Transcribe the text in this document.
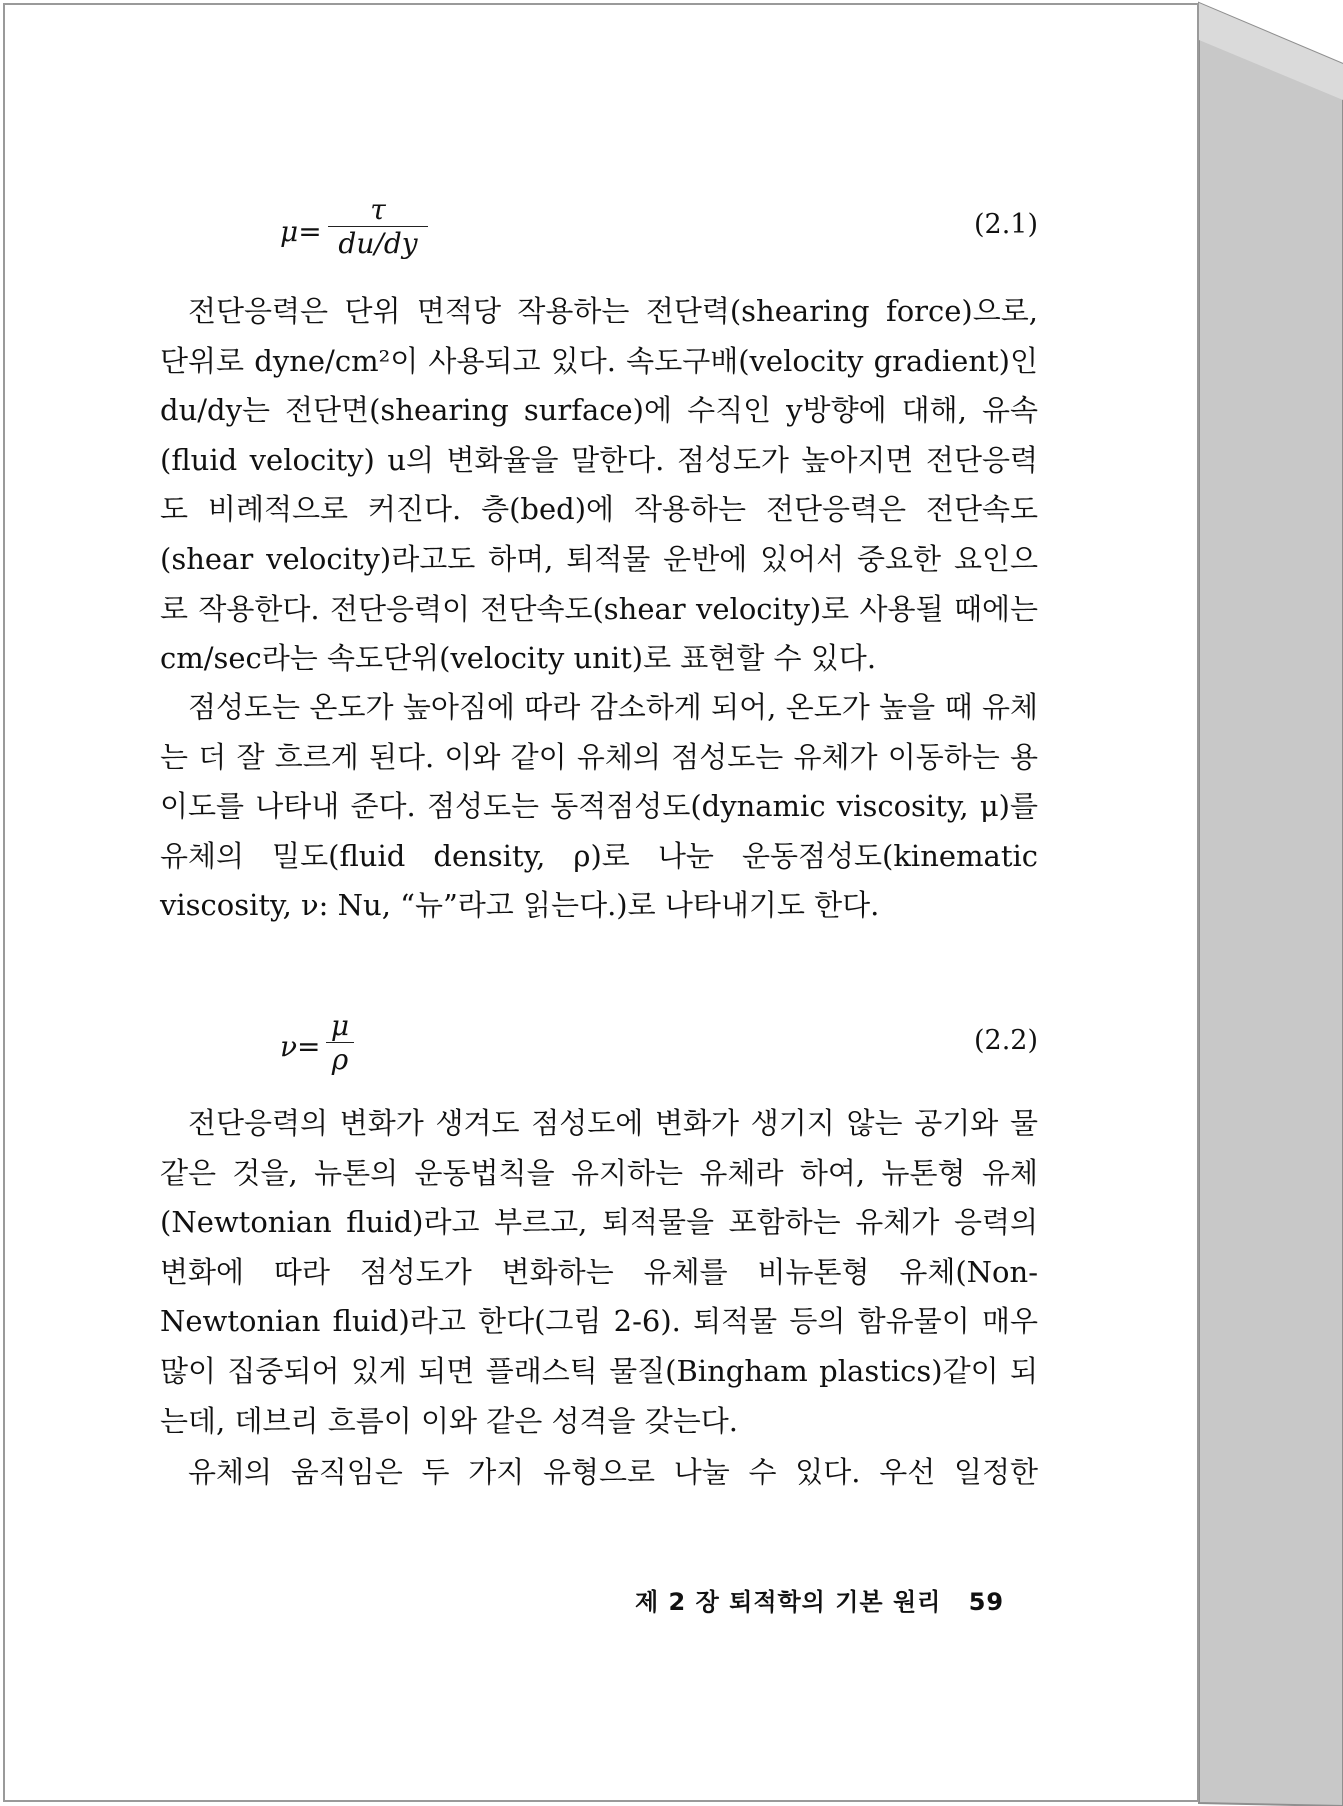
μ=
τ
du/dy
(2.1)

전단응력은 단위 면적당 작용하는 전단력(shearing force)으로, 단위로 dyne/cm²이 사용되고 있다. 속도구배(velocity gradient)인 du/dy는 전단면(shearing surface)에 수직인 y방향에 대해, 유속(fluid velocity) u의 변화율을 말한다. 점성도가 높아지면 전단응력도 비례적으로 커진다. 층(bed)에 작용하는 전단응력은 전단속도(shear velocity)라고도 하며, 퇴적물 운반에 있어서 중요한 요인으로 작용한다. 전단응력이 전단속도(shear velocity)로 사용될 때에는 cm/sec라는 속도단위(velocity unit)로 표현할 수 있다.

점성도는 온도가 높아짐에 따라 감소하게 되어, 온도가 높을 때 유체는 더 잘 흐르게 된다. 이와 같이 유체의 점성도는 유체가 이동하는 용이도를 나타내 준다. 점성도는 동적점성도(dynamic viscosity, μ)를 유체의 밀도(fluid density, ρ)로 나눈 운동점성도(kinematic viscosity, ν: Nu, “뉴”라고 읽는다.)로 나타내기도 한다.

ν=
μ
ρ
(2.2)

전단응력의 변화가 생겨도 점성도에 변화가 생기지 않는 공기와 물 같은 것을, 뉴톤의 운동법칙을 유지하는 유체라 하여, 뉴톤형 유체(Newtonian fluid)라고 부르고, 퇴적물을 포함하는 유체가 응력의 변화에 따라 점성도가 변화하는 유체를 비뉴톤형 유체(Non-Newtonian fluid)라고 한다(그림 2-6). 퇴적물 등의 함유물이 매우 많이 집중되어 있게 되면 플래스틱 물질(Bingham plastics)같이 되는데, 데브리 흐름이 이와 같은 성격을 갖는다.

유체의 움직임은 두 가지 유형으로 나눌 수 있다. 우선 일정한

제 2 장 퇴적학의 기본 원리 59
